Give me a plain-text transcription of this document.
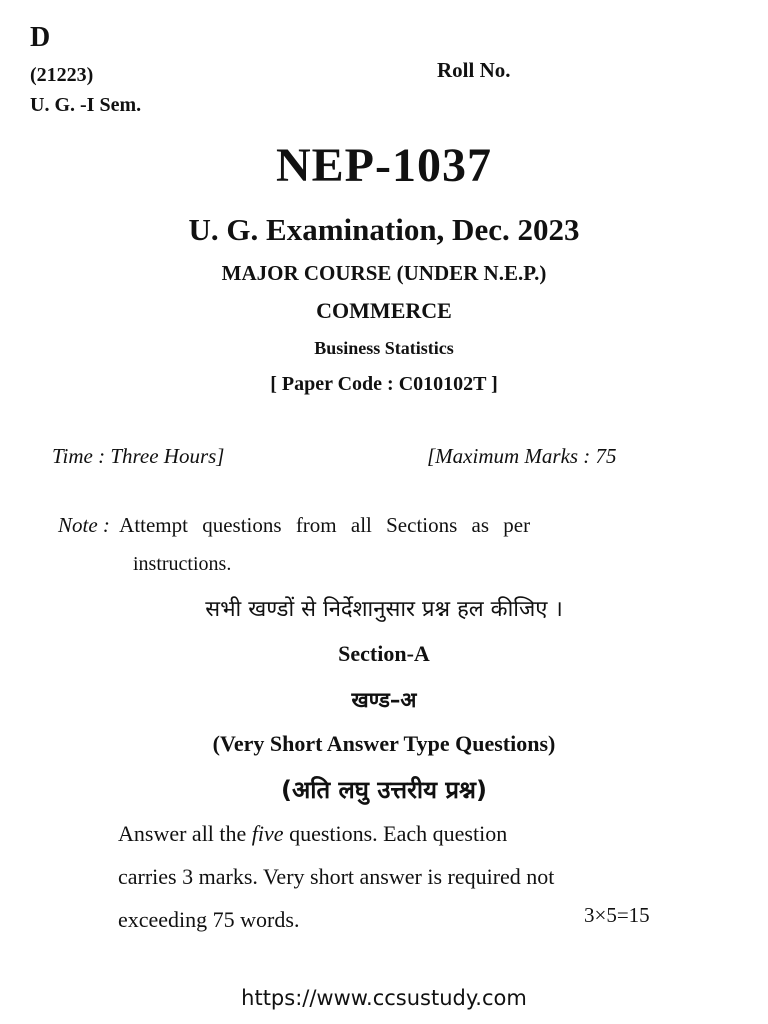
D
(21223)
U. G. -I Sem.
Roll No.
NEP-1037
U. G. Examination, Dec. 2023
MAJOR COURSE (UNDER N.E.P.)
COMMERCE
Business Statistics
[ Paper Code : C010102T ]
Time : Three Hours]	[Maximum Marks : 75
Note : Attempt questions from all Sections as per
instructions.
सभी खण्डों से निर्देशानुसार प्रश्न हल कीजिए ।
Section-A
खण्ड–अ
(Very Short Answer Type Questions)
(अति लघु उत्तरीय प्रश्न)
Answer all the five questions. Each question
carries 3 marks. Very short answer is required not
exceeding 75 words.	3×5=15
https://www.ccsustudy.com
